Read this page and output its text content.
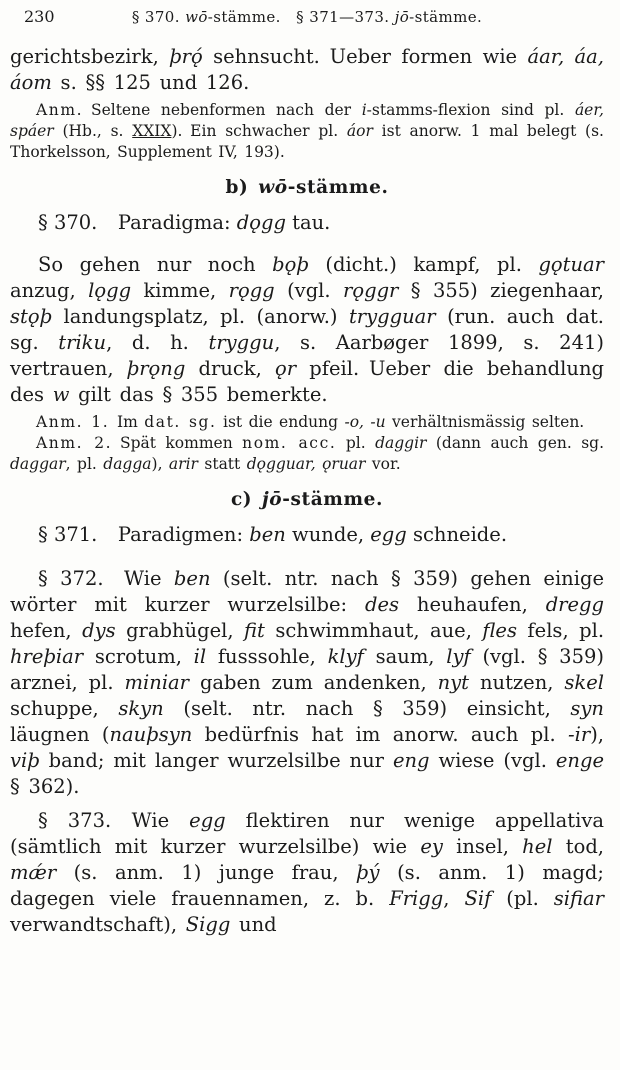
230	§ 370. wō-stämme. § 371—373. jō-stämme.

gerichtsbezirk, þrǫ́ sehnsucht. Ueber formen wie áar, áa, áom s. §§ 125 und 126.

Anm. Seltene nebenformen nach der i-stamms-flexion sind pl. áer, spáer (Hb., s. XXIX). Ein schwacher pl. áor ist anorw. 1 mal belegt (s. Thorkelsson, Supplement IV, 193).

b) wō-stämme.

§ 370. Paradigma: dǫgg tau.

So gehen nur noch bǫþ (dicht.) kampf, pl. gǫtuar anzug, lǫgg kimme, rǫgg (vgl. rǫggr § 355) ziegenhaar, stǫþ landungsplatz, pl. (anorw.) trygguar (run. auch dat. sg. triku, d. h. tryggu, s. Aarbøger 1899, s. 241) vertrauen, þrǫng druck, ǫr pfeil. Ueber die behandlung des w gilt das § 355 bemerkte.

Anm. 1. Im dat. sg. ist die endung -o, -u verhältnismässig selten.

Anm. 2. Spät kommen nom. acc. pl. daggir (dann auch gen. sg. daggar, pl. dagga), arir statt dǫgguar, ǫruar vor.

c) jō-stämme.

§ 371. Paradigmen: ben wunde, egg schneide.

§ 372. Wie ben (selt. ntr. nach § 359) gehen einige wörter mit kurzer wurzelsilbe: des heuhaufen, dregg hefen, dys grabhügel, fit schwimmhaut, aue, fles fels, pl. hreþiar scrotum, il fusssohle, klyf saum, lyf (vgl. § 359) arznei, pl. miniar gaben zum andenken, nyt nutzen, skel schuppe, skyn (selt. ntr. nach § 359) einsicht, syn läugnen (nauþsyn bedürfnis hat im anorw. auch pl. -ir), viþ band; mit langer wurzelsilbe nur eng wiese (vgl. enge § 362).

§ 373. Wie egg flektiren nur wenige appellativa (sämtlich mit kurzer wurzelsilbe) wie ey insel, hel tod, mǽr (s. anm. 1) junge frau, þý (s. anm. 1) magd; dagegen viele frauennamen, z. b. Frigg, Sif (pl. sifiar verwandtschaft), Sigg und
